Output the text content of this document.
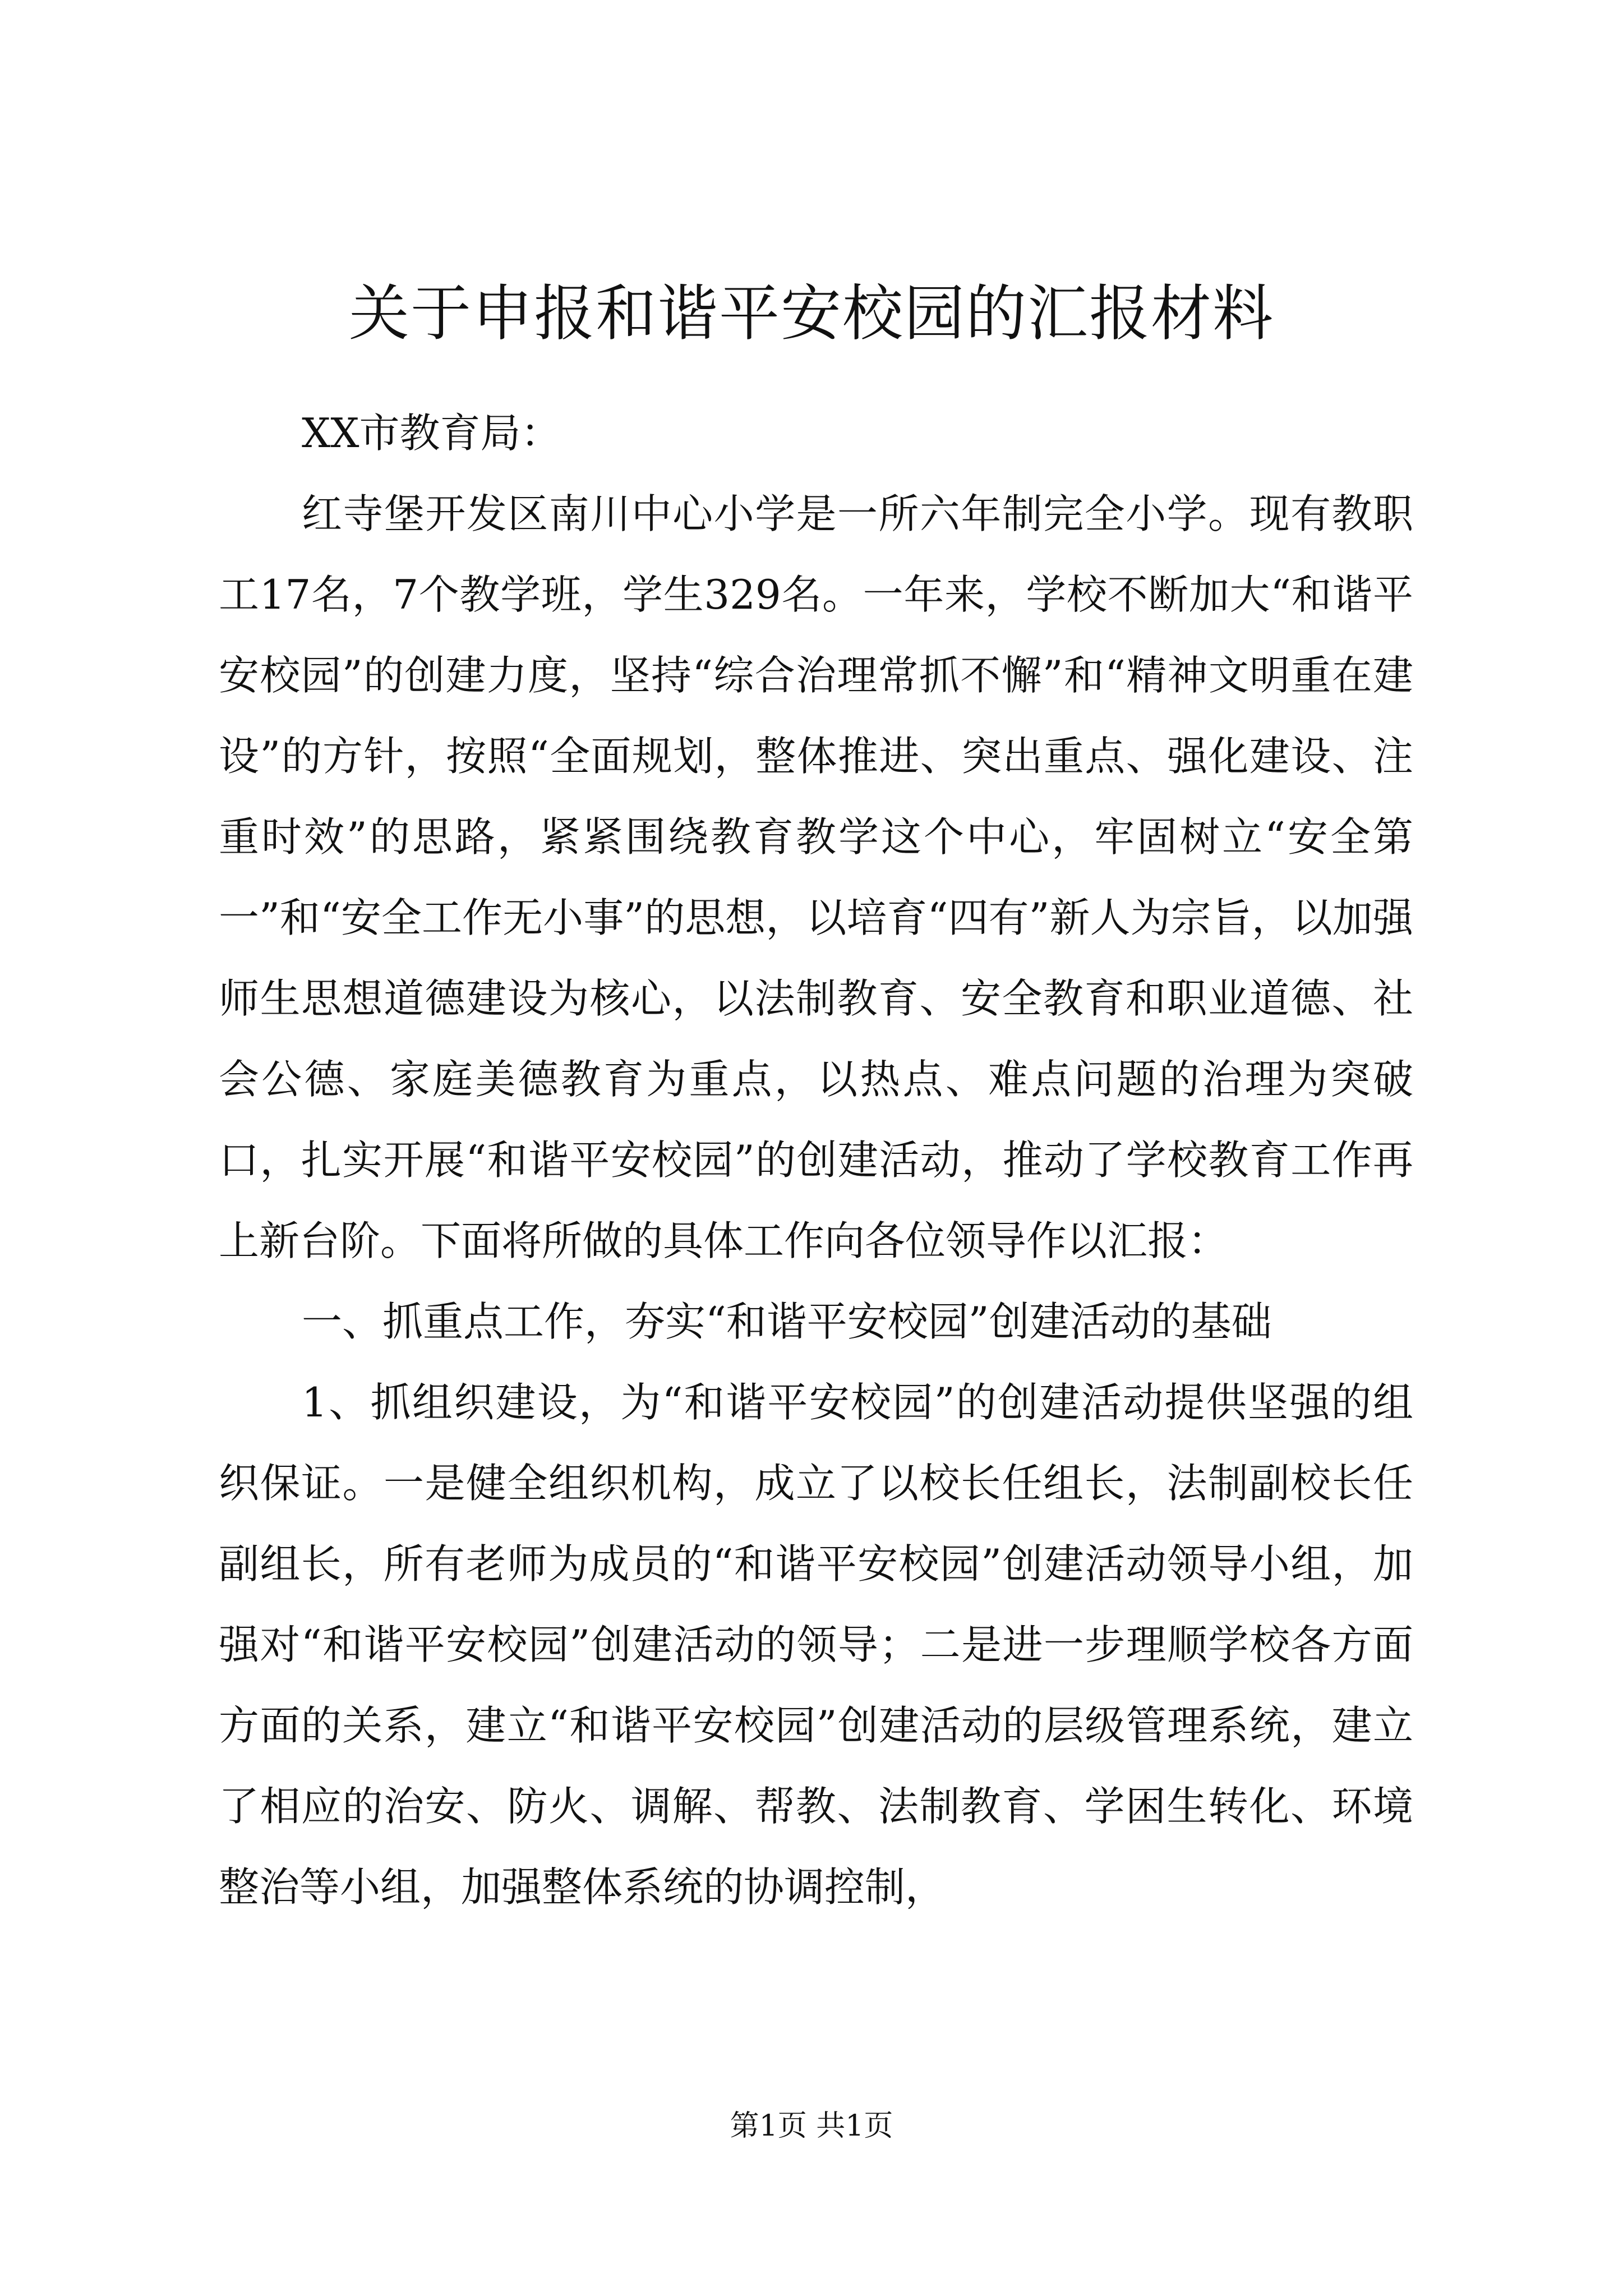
关于申报和谐平安校园的汇报材料

XX市教育局：

红寺堡开发区南川中心小学是一所六年制完全小学。现有教职工17名，7个教学班，学生329名。一年来，学校不断加大“和谐平安校园”的创建力度，坚持“综合治理常抓不懈”和“精神文明重在建设”的方针，按照“全面规划，整体推进、突出重点、强化建设、注重时效”的思路，紧紧围绕教育教学这个中心，牢固树立“安全第一”和“安全工作无小事”的思想，以培育“四有”新人为宗旨，以加强师生思想道德建设为核心，以法制教育、安全教育和职业道德、社会公德、家庭美德教育为重点，以热点、难点问题的治理为突破口，扎实开展“和谐平安校园”的创建活动，推动了学校教育工作再上新台阶。下面将所做的具体工作向各位领导作以汇报：

一、抓重点工作，夯实“和谐平安校园”创建活动的基础

1、抓组织建设，为“和谐平安校园”的创建活动提供坚强的组织保证。一是健全组织机构，成立了以校长任组长，法制副校长任副组长，所有老师为成员的“和谐平安校园”创建活动领导小组，加强对“和谐平安校园”创建活动的领导；二是进一步理顺学校各方面方面的关系，建立“和谐平安校园”创建活动的层级管理系统，建立了相应的治安、防火、调解、帮教、法制教育、学困生转化、环境整治等小组，加强整体系统的协调控制，

第1页 共1页
